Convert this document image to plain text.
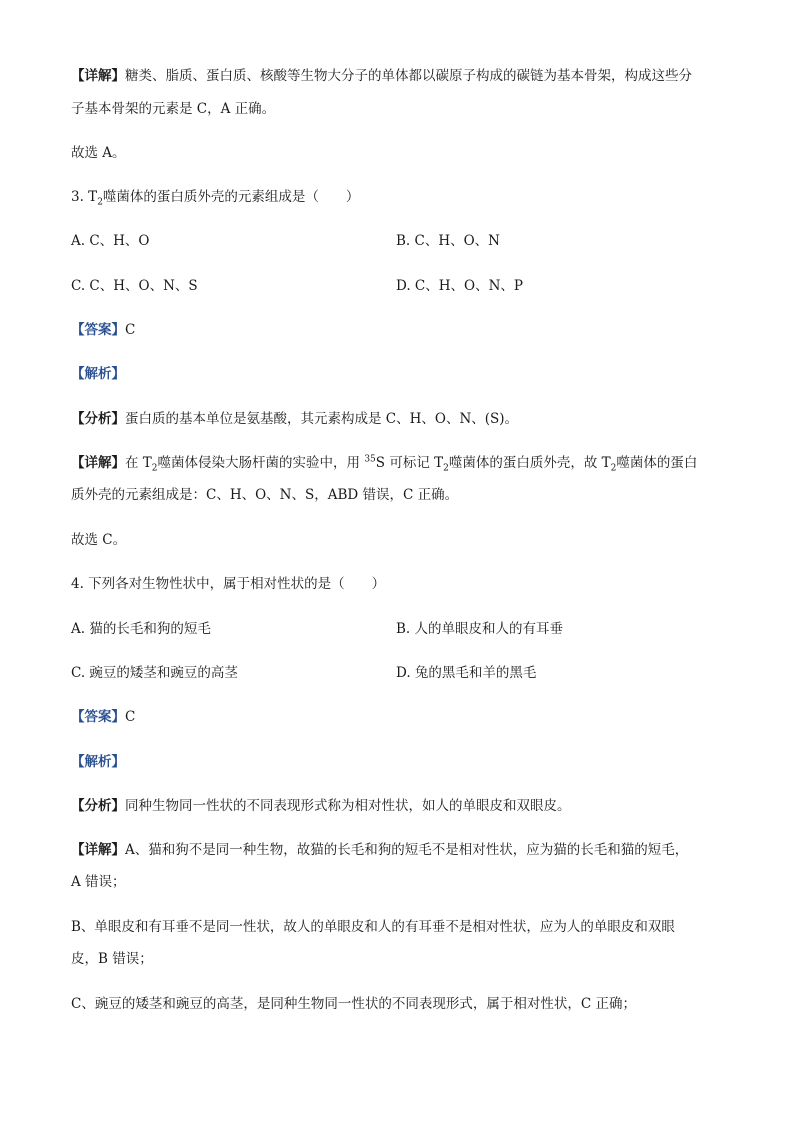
【详解】糖类、脂质、蛋白质、核酸等生物大分子的单体都以碳原子构成的碳链为基本骨架，构成这些分
子基本骨架的元素是 C，A 正确。
故选 A。
3. $T_2$噬菌体的蛋白质外壳的元素组成是（　　）
A. C、H、O	B. C、H、O、N
C. C、H、O、N、S	D. C、H、O、N、P
【答案】C
【解析】
【分析】蛋白质的基本单位是氨基酸，其元素构成是 C、H、O、N、(S)。
【详解】在 $T_2$噬菌体侵染大肠杆菌的实验中，用 $^{35}$S 可标记 $T_2$噬菌体的蛋白质外壳，故 $T_2$噬菌体的蛋白
质外壳的元素组成是：C、H、O、N、S，ABD 错误，C 正确。
故选 C。
4. 下列各对生物性状中，属于相对性状的是（　　）
A. 猫的长毛和狗的短毛	B. 人的单眼皮和人的有耳垂
C. 豌豆的矮茎和豌豆的高茎	D. 兔的黑毛和羊的黑毛
【答案】C
【解析】
【分析】同种生物同一性状的不同表现形式称为相对性状，如人的单眼皮和双眼皮。
【详解】A、猫和狗不是同一种生物，故猫的长毛和狗的短毛不是相对性状，应为猫的长毛和猫的短毛，
A 错误；
B、单眼皮和有耳垂不是同一性状，故人的单眼皮和人的有耳垂不是相对性状，应为人的单眼皮和双眼
皮，B 错误；
C、豌豆的矮茎和豌豆的高茎，是同种生物同一性状的不同表现形式，属于相对性状，C 正确；
